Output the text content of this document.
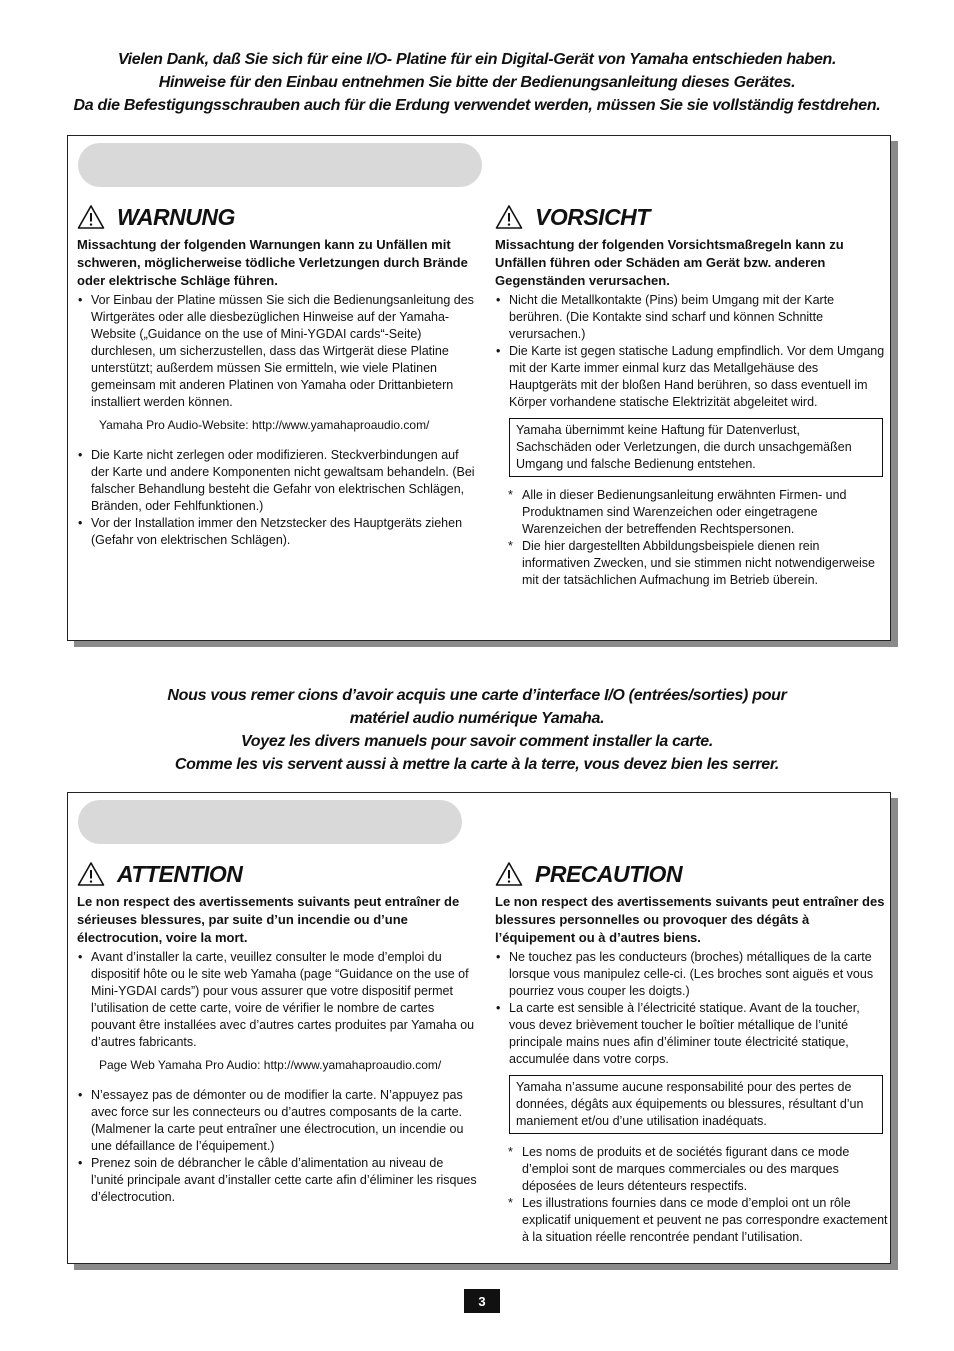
Vielen Dank, daß Sie sich für eine I/O- Platine für ein Digital-Gerät von Yamaha entschieden haben.
Hinweise für den Einbau entnehmen Sie bitte der Bedienungsanleitung dieses Gerätes.
Da die Befestigungsschrauben auch für die Erdung verwendet werden, müssen Sie sie vollständig festdrehen.
WARNUNG

Missachtung der folgenden Warnungen kann zu Unfällen mit schweren, möglicherweise tödliche Verletzungen durch Brände oder elektrische Schläge führen.

• Vor Einbau der Platine müssen Sie sich die Bedienungsanleitung des Wirtgerätes oder alle diesbezüglichen Hinweise auf der Yamaha-Website („Guidance on the use of Mini-YGDAI cards“-Seite) durchlesen, um sicherzustellen, dass das Wirtgerät diese Platine unterstützt; außerdem müssen Sie ermitteln, wie viele Platinen gemeinsam mit anderen Platinen von Yamaha oder Drittanbietern installiert werden können.
Yamaha Pro Audio-Website: http://www.yamahaproaudio.com/
• Die Karte nicht zerlegen oder modifizieren. Steckverbindungen auf der Karte und andere Komponenten nicht gewaltsam behandeln. (Bei falscher Behandlung besteht die Gefahr von elektrischen Schlägen, Bränden, oder Fehlfunktionen.)
• Vor der Installation immer den Netzstecker des Hauptgeräts ziehen (Gefahr von elektrischen Schlägen).
VORSICHT

Missachtung der folgenden Vorsichtsmaßregeln kann zu Unfällen führen oder Schäden am Gerät bzw. anderen Gegenständen verursachen.

• Nicht die Metallkontakte (Pins) beim Umgang mit der Karte berühren. (Die Kontakte sind scharf und können Schnitte verursachen.)
• Die Karte ist gegen statische Ladung empfindlich. Vor dem Umgang mit der Karte immer einmal kurz das Metallgehäuse des Hauptgeräts mit der bloßen Hand berühren, so dass eventuell im Körper vorhandene statische Elektrizität abgeleitet wird.
Yamaha übernimmt keine Haftung für Datenverlust, Sachschäden oder Verletzungen, die durch unsachgemäßen Umgang und falsche Bedienung entstehen.
* Alle in dieser Bedienungsanleitung erwähnten Firmen- und Produktnamen sind Warenzeichen oder eingetragene Warenzeichen der betreffenden Rechtspersonen.
* Die hier dargestellten Abbildungsbeispiele dienen rein informativen Zwecken, und sie stimmen nicht notwendigerweise mit der tatsächlichen Aufmachung im Betrieb überein.
Nous vous remer cions d’avoir acquis une carte d’interface I/O (entrées/sorties) pour
matériel audio numérique Yamaha.
Voyez les divers manuels pour savoir comment installer la carte.
Comme les vis servent aussi à mettre la carte à la terre, vous devez bien les serrer.
ATTENTION

Le non respect des avertissements suivants peut entraîner de sérieuses blessures, par suite d’un incendie ou d’une électrocution, voire la mort.

• Avant d’installer la carte, veuillez consulter le mode d’emploi du dispositif hôte ou le site web Yamaha (page “Guidance on the use of Mini-YGDAI cards”) pour vous assurer que votre dispositif permet l’utilisation de cette carte, voire de vérifier le nombre de cartes pouvant être installées avec d’autres cartes produites par Yamaha ou d’autres fabricants.
Page Web Yamaha Pro Audio: http://www.yamahaproaudio.com/
• N’essayez pas de démonter ou de modifier la carte. N’appuyez pas avec force sur les connecteurs ou d’autres composants de la carte. (Malmener la carte peut entraîner une électrocution, un incendie ou une défaillance de l’équipement.)
• Prenez soin de débrancher le câble d’alimentation au niveau de l’unité principale avant d’installer cette carte afin d’éliminer les risques d’électrocution.
PRECAUTION

Le non respect des avertissements suivants peut entraîner des blessures personnelles ou provoquer des dégâts à l’équipement ou à d’autres biens.

• Ne touchez pas les conducteurs (broches) métalliques de la carte lorsque vous manipulez celle-ci. (Les broches sont aiguës et vous pourriez vous couper les doigts.)
• La carte est sensible à l’électricité statique. Avant de la toucher, vous devez brièvement toucher le boîtier métallique de l’unité principale mains nues afin d’éliminer toute électricité statique, accumulée dans votre corps.
Yamaha n’assume aucune responsabilité pour des pertes de données, dégâts aux équipements ou blessures, résultant d’un maniement et/ou d’une utilisation inadéquats.
* Les noms de produits et de sociétés figurant dans ce mode d’emploi sont de marques commerciales ou des marques déposées de leurs détenteurs respectifs.
* Les illustrations fournies dans ce mode d’emploi ont un rôle explicatif uniquement et peuvent ne pas correspondre exactement à la situation réelle rencontrée pendant l’utilisation.
3
